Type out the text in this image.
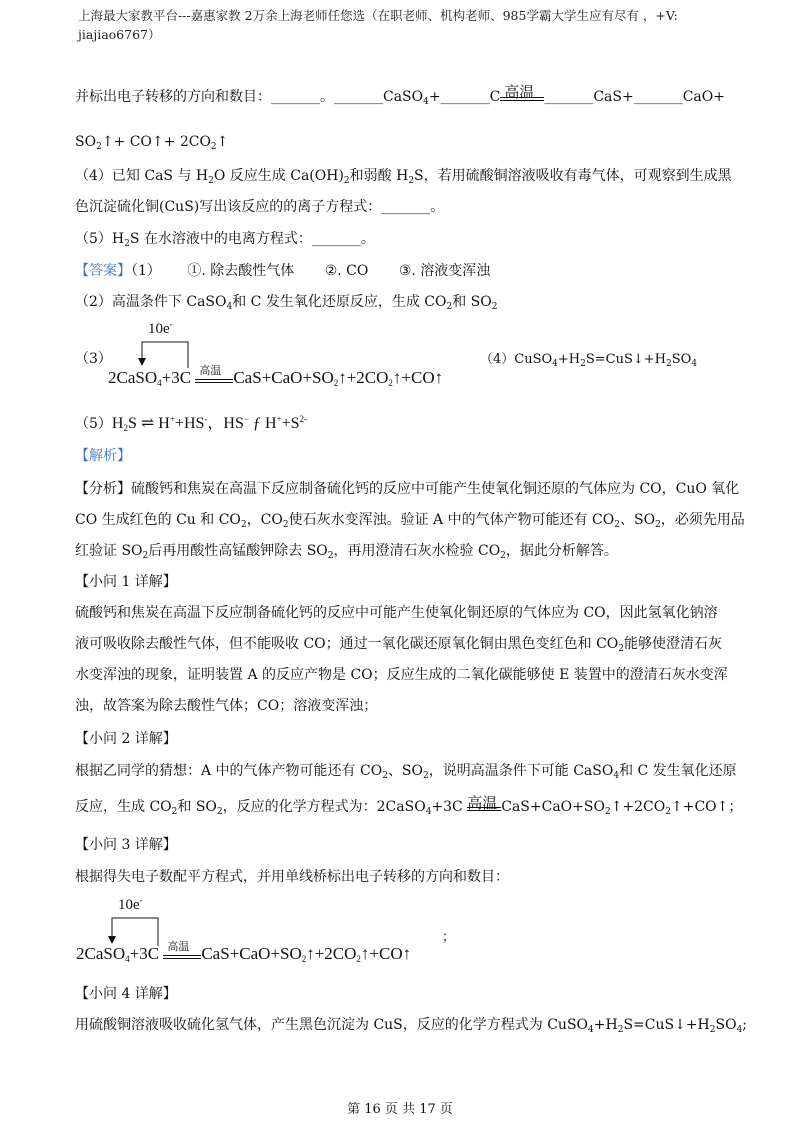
上海最大家教平台---嘉惠家教 2万余上海老师任您选（在职老师、机构老师、985学霸大学生应有尽有 ，+V:
jiajiao6767）
并标出电子转移的方向和数目：_______。_______CaSO$_4$+_______C 高温 _______CaS+_______CaO+
$SO_2↑+$ CO↑+ $2CO_2↑$
（4）已知 CaS 与 $H_2O$ 反应生成 $Ca(OH)_2$和弱酸 $H_2S$，若用硫酸铜溶液吸收有毒气体，可观察到生成黑
色沉淀硫化铜(CuS)写出该反应的的离子方程式：_______。
$(5)H_2S$ 在水溶液中的电离方程式：_______。
【答案】（1） ①. 除去酸性气体 ②. CO ③. 溶液变浑浊
（2）高温条件下 CaSO$_4$和 C 发生氧化还原反应，生成 $CO_2$和 $SO_2$
（3）
10e-
2CaSO$_4$+3C 高温 $CaS+CaO+SO_2↑+2CO_2↑+CO↑$
$(4)CuSO_4+H_2S=CuS↓+H_2SO_4$
$(5)H_2S$ ⇌ H++HS-，HS− ƒ $H^++S^{2-}$
【解析】
【分析】硫酸钙和焦炭在高温下反应制备硫化钙的反应中可能产生使氧化铜还原的气体应为 CO，CuO 氧化
CO 生成红色的 Cu 和 $CO_2$，$CO_2$使石灰水变浑浊。验证 A 中的气体产物可能还有 $CO_2$、$SO_2$，必须先用品
红验证 $SO_2$后再用酸性高锰酸钾除去 $SO_2$，再用澄清石灰水检验 $CO_2$，据此分析解答。
【小问 1 详解】
硫酸钙和焦炭在高温下反应制备硫化钙的反应中可能产生使氧化铜还原的气体应为 CO，因此氢氧化钠溶
液可吸收除去酸性气体，但不能吸收 CO；通过一氧化碳还原氧化铜由黑色变红色和 $CO_2$能够使澄清石灰
水变浑浊的现象，证明装置 A 的反应产物是 CO；反应生成的二氧化碳能够使 E 装置中的澄清石灰水变浑
浊，故答案为除去酸性气体；CO；溶液变浑浊；
【小问 2 详解】
根据乙同学的猜想：A 中的气体产物可能还有 $CO_2$、$SO_2$，说明高温条件下可能 CaSO$_4$和 C 发生氧化还原
反应，生成 $CO_2$和 $SO_2$，反应的化学方程式为：2CaSO$_4$+3C 高温 $CaS+CaO+SO_2↑+2CO_2↑+CO↑$；
【小问 3 详解】
根据得失电子数配平方程式，并用单线桥标出电子转移的方向和数目：
10e-
2CaSO$_4$+3C 高温 $CaS+CaO+SO_2↑+2CO_2↑+CO↑$
；
【小问 4 详解】
用硫酸铜溶液吸收硫化氢气体，产生黑色沉淀为 CuS，反应的化学方程式为 $CuSO_4+H_2S=CuS↓+H_2SO_4$;
第 16 页 共 17 页
